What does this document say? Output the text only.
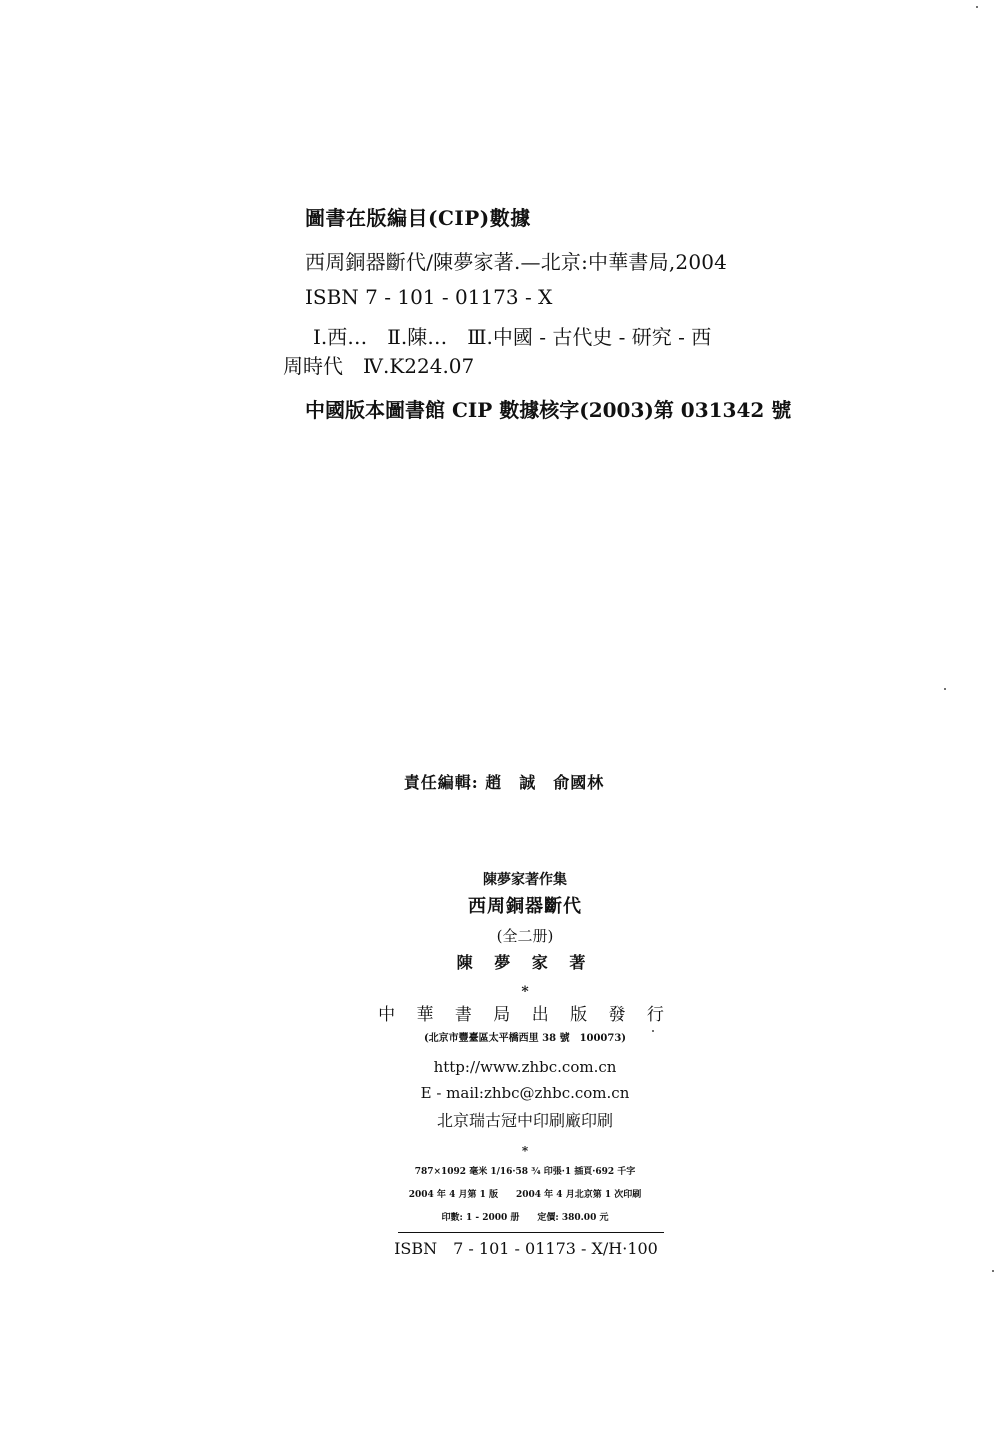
圖書在版編目(CIP)數據
西周銅器斷代/陳夢家著.—北京:中華書局,2004
ISBN 7 - 101 - 01173 - X
Ⅰ.西…　Ⅱ.陳…　Ⅲ.中國 - 古代史 - 研究 - 西
周時代　Ⅳ.K224.07
中國版本圖書館 CIP 數據核字(2003)第 031342 號
責任編輯: 趙　誠　俞國林
陳夢家著作集
西周銅器斷代
(全二册)
陳 夢 家 著
*
中 華 書 局 出 版 發 行
(北京市豐臺區太平橋西里 38 號　100073)
http://www.zhbc.com.cn
E - mail:zhbc@zhbc.com.cn
北京瑞古冠中印刷廠印刷
*
787×1092 毫米 1/16·58 ¾ 印張·1 插頁·692 千字
2004 年 4 月第 1 版　　2004 年 4 月北京第 1 次印刷
印數: 1 - 2000 册　　定價: 380.00 元
ISBN　7 - 101 - 01173 - X/H·100
